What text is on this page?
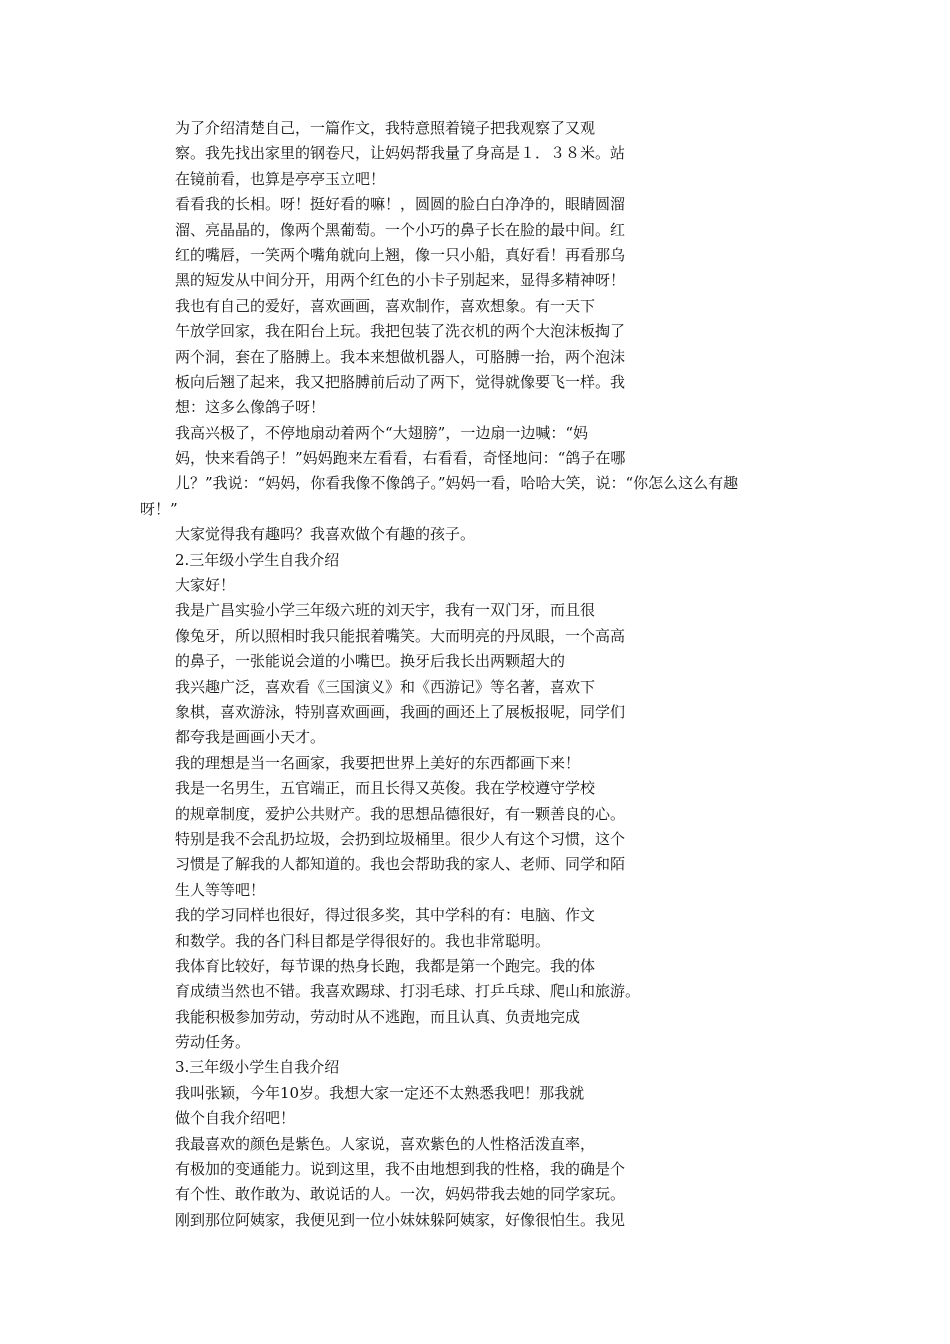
为了介绍清楚自己，一篇作文，我特意照着镜子把我观察了又观
察。我先找出家里的钢卷尺，让妈妈帮我量了身高是１．３８米。站
在镜前看，也算是亭亭玉立吧！
看看我的长相。呀！挺好看的嘛！，圆圆的脸白白净净的，眼睛圆溜
溜、亮晶晶的，像两个黑葡萄。一个小巧的鼻子长在脸的最中间。红
红的嘴唇，一笑两个嘴角就向上翘，像一只小船，真好看！再看那乌
黑的短发从中间分开，用两个红色的小卡子别起来，显得多精神呀！
我也有自己的爱好，喜欢画画，喜欢制作，喜欢想象。有一天下
午放学回家，我在阳台上玩。我把包装了洗衣机的两个大泡沫板掏了
两个洞，套在了胳膊上。我本来想做机器人，可胳膊一抬，两个泡沫
板向后翘了起来，我又把胳膊前后动了两下，觉得就像要飞一样。我
想：这多么像鸽子呀！
我高兴极了，不停地扇动着两个“大翅膀”，一边扇一边喊：“妈
妈，快来看鸽子！”妈妈跑来左看看，右看看，奇怪地问：“鸽子在哪
儿？”我说：“妈妈，你看我像不像鸽子。”妈妈一看，哈哈大笑，说：“你怎么这么有趣
呀！”
大家觉得我有趣吗？我喜欢做个有趣的孩子。
2.三年级小学生自我介绍
大家好！
我是广昌实验小学三年级六班的刘天宇，我有一双门牙，而且很
像兔牙，所以照相时我只能抿着嘴笑。大而明亮的丹凤眼，一个高高
的鼻子，一张能说会道的小嘴巴。换牙后我长出两颗超大的
我兴趣广泛，喜欢看《三国演义》和《西游记》等名著，喜欢下
象棋，喜欢游泳，特别喜欢画画，我画的画还上了展板报呢，同学们
都夸我是画画小天才。
我的理想是当一名画家，我要把世界上美好的东西都画下来！
我是一名男生，五官端正，而且长得又英俊。我在学校遵守学校
的规章制度，爱护公共财产。我的思想品德很好，有一颗善良的心。
特别是我不会乱扔垃圾，会扔到垃圾桶里。很少人有这个习惯，这个
习惯是了解我的人都知道的。我也会帮助我的家人、老师、同学和陌
生人等等吧！
我的学习同样也很好，得过很多奖，其中学科的有：电脑、作文
和数学。我的各门科目都是学得很好的。我也非常聪明。
我体育比较好，每节课的热身长跑，我都是第一个跑完。我的体
育成绩当然也不错。我喜欢踢球、打羽毛球、打乒乓球、爬山和旅游。
我能积极参加劳动，劳动时从不逃跑，而且认真、负责地完成
劳动任务。
3.三年级小学生自我介绍
我叫张颖，今年10岁。我想大家一定还不太熟悉我吧！那我就
做个自我介绍吧！
我最喜欢的颜色是紫色。人家说，喜欢紫色的人性格活泼直率，
有极加的变通能力。说到这里，我不由地想到我的性格，我的确是个
有个性、敢作敢为、敢说话的人。一次，妈妈带我去她的同学家玩。
刚到那位阿姨家，我便见到一位小妹妹躲阿姨家，好像很怕生。我见
